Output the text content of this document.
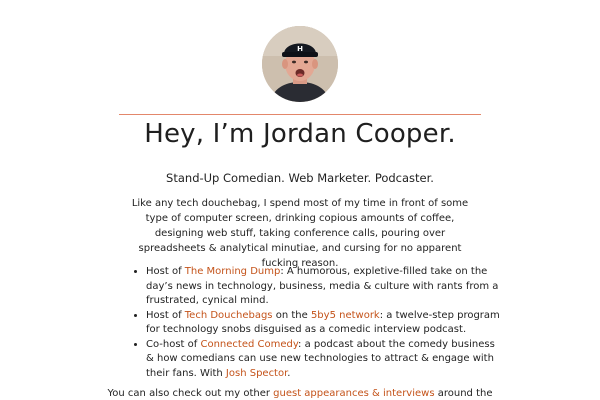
H
Hey, I’m Jordan Cooper.
Stand-Up Comedian. Web Marketer. Podcaster.

Like any tech douchebag, I spend most of my time in front of some type of computer screen, drinking copious amounts of coffee, designing web stuff, taking conference calls, pouring over spreadsheets & analytical minutiae, and cursing for no apparent fucking reason.

• Host of The Morning Dump: A humorous, expletive-filled take on the day’s news in technology, business, media & culture with rants from a frustrated, cynical mind.
• Host of Tech Douchebags on the 5by5 network: a twelve-step program for technology snobs disguised as a comedic interview podcast.
• Co-host of Connected Comedy: a podcast about the comedy business & how comedians can use new technologies to attract & engage with their fans. With Josh Spector.
You can also check out my other guest appearances & interviews around the
